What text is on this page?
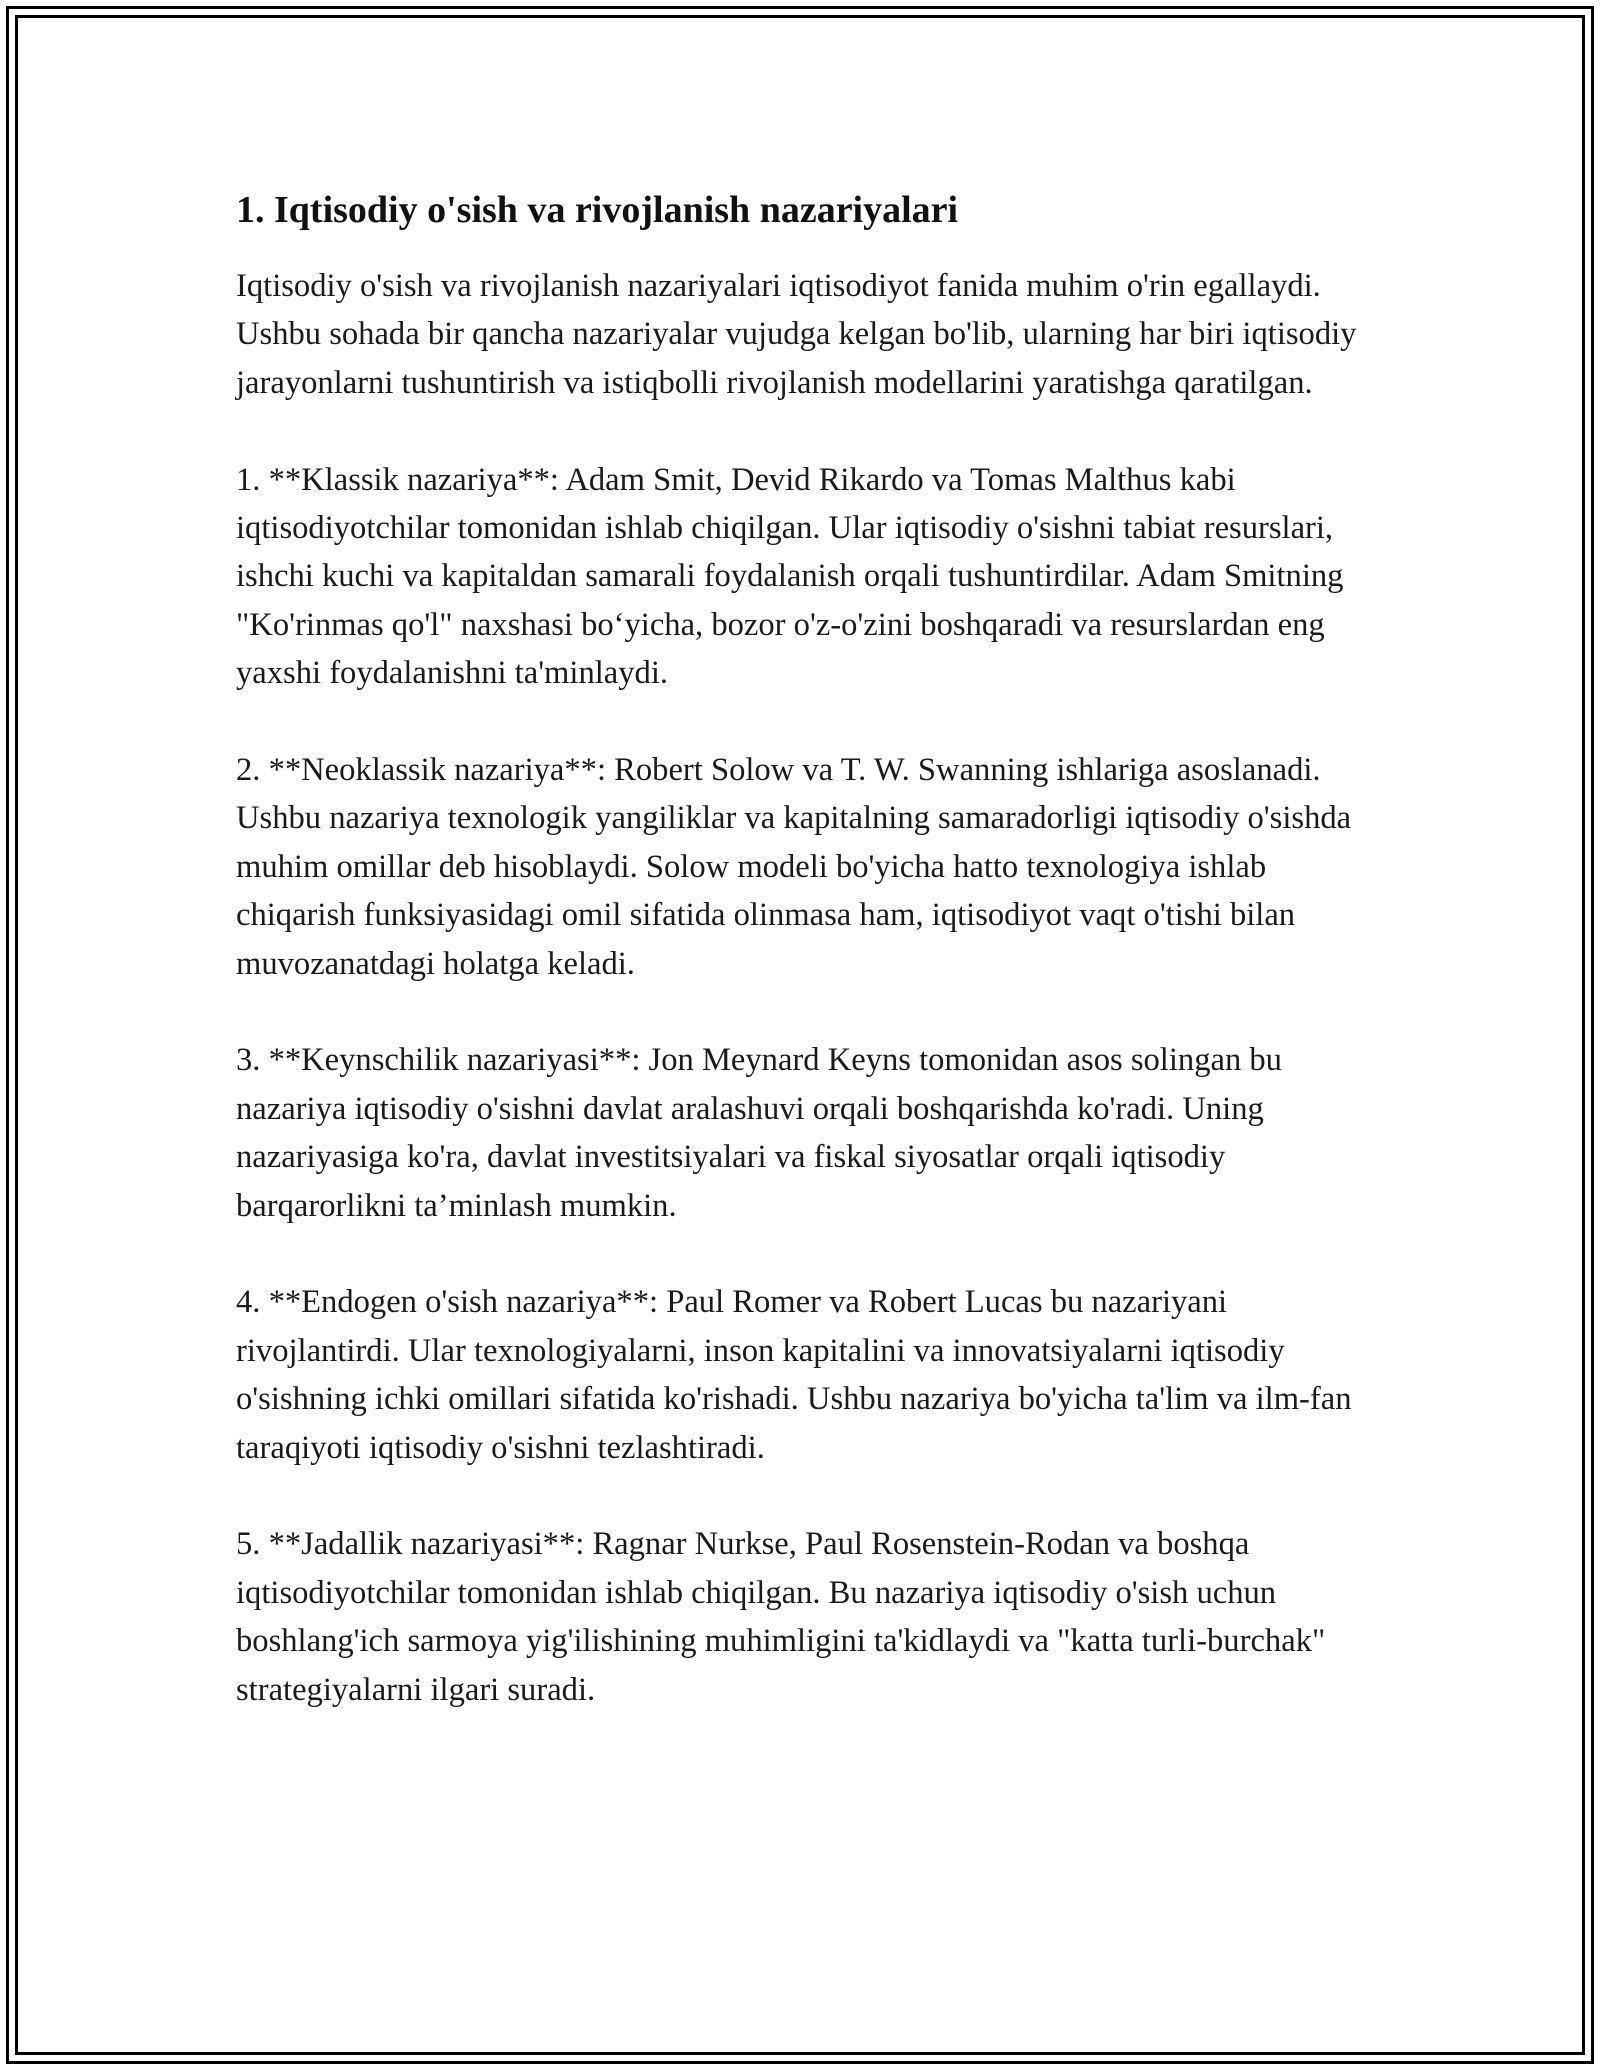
1. Iqtisodiy o'sish va rivojlanish nazariyalari

Iqtisodiy o'sish va rivojlanish nazariyalari iqtisodiyot fanida muhim o'rin egallaydi. Ushbu sohada bir qancha nazariyalar vujudga kelgan bo'lib, ularning har biri iqtisodiy jarayonlarni tushuntirish va istiqbolli rivojlanish modellarini yaratishga qaratilgan.

1. **Klassik nazariya**: Adam Smit, Devid Rikardo va Tomas Malthus kabi iqtisodiyotchilar tomonidan ishlab chiqilgan. Ular iqtisodiy o'sishni tabiat resurslari, ishchi kuchi va kapitaldan samarali foydalanish orqali tushuntirdilar. Adam Smitning "Ko'rinmas qo'l" naxshasi bo‘yicha, bozor o'z-o'zini boshqaradi va resurslardan eng yaxshi foydalanishni ta'minlaydi.

2. **Neoklassik nazariya**: Robert Solow va T. W. Swanning ishlariga asoslanadi. Ushbu nazariya texnologik yangiliklar va kapitalning samaradorligi iqtisodiy o'sishda muhim omillar deb hisoblaydi. Solow modeli bo'yicha hatto texnologiya ishlab chiqarish funksiyasidagi omil sifatida olinmasa ham, iqtisodiyot vaqt o'tishi bilan muvozanatdagi holatga keladi.

3. **Keynschilik nazariyasi**: Jon Meynard Keyns tomonidan asos solingan bu nazariya iqtisodiy o'sishni davlat aralashuvi orqali boshqarishda ko'radi. Uning nazariyasiga ko'ra, davlat investitsiyalari va fiskal siyosatlar orqali iqtisodiy barqarorlikni ta’minlash mumkin.

4. **Endogen o'sish nazariya**: Paul Romer va Robert Lucas bu nazariyani rivojlantirdi. Ular texnologiyalarni, inson kapitalini va innovatsiyalarni iqtisodiy o'sishning ichki omillari sifatida ko'rishadi. Ushbu nazariya bo'yicha ta'lim va ilm-fan taraqiyoti iqtisodiy o'sishni tezlashtiradi.

5. **Jadallik nazariyasi**: Ragnar Nurkse, Paul Rosenstein-Rodan va boshqa iqtisodiyotchilar tomonidan ishlab chiqilgan. Bu nazariya iqtisodiy o'sish uchun boshlang'ich sarmoya yig'ilishining muhimligini ta'kidlaydi va "katta turli-burchak" strategiyalarni ilgari suradi.
